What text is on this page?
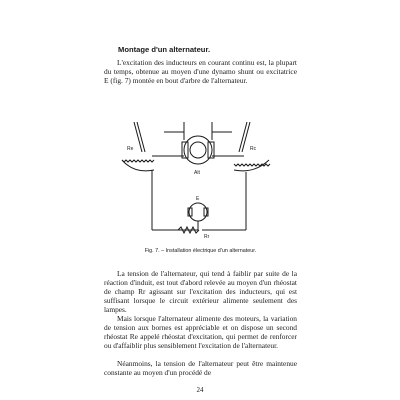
Montage d'un alternateur.

L'excitation des inducteurs en courant continu est, la plupart du temps, obtenue au moyen d'une dynamo shunt ou excitatrice E (fig. 7) montée en bout d'arbre de l'alternateur.

Re	Rc
Alt
E
Rr

Fig. 7. – Installation électrique d'un alternateur.

La tension de l'alternateur, qui tend à faiblir par suite de la réaction d'induit, est tout d'abord relevée au moyen d'un rhéostat de champ Rr agissant sur l'excitation des inducteurs, qui est suffisant lorsque le circuit extérieur alimente seulement des lampes.

Mais lorsque l'alternateur alimente des moteurs, la variation de tension aux bornes est appréciable et on dispose un second rhéostat Re appelé rhéostat d'excitation, qui permet de renforcer ou d'affaiblir plus sensiblement l'excitation de l'alternateur.

Néanmoins, la tension de l'alternateur peut être maintenue constante au moyen d'un procédé de

24
